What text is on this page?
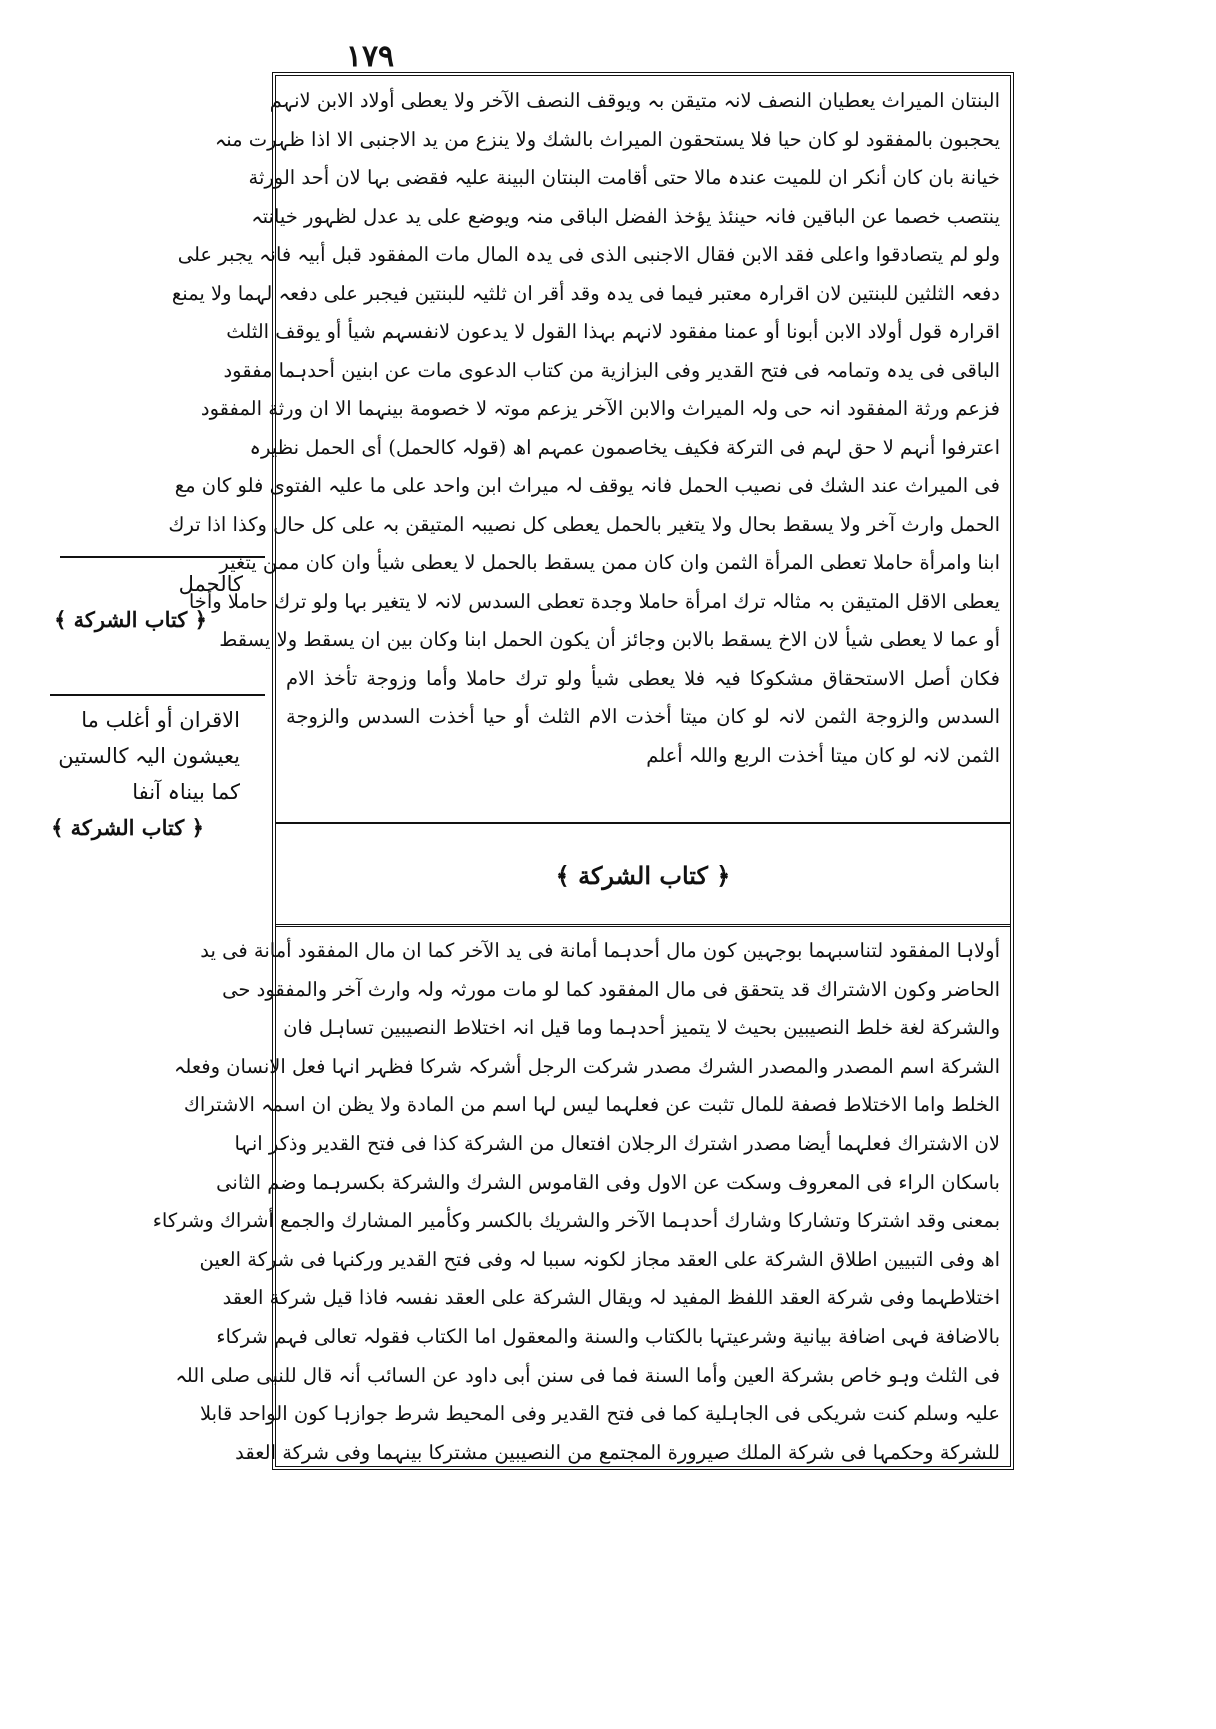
١٧٩
البنتان المیراث یعطیان النصف لانہ متیقن بہ ویوقف النصف الآخر ولا یعطی أولاد الابن لانہم
یحجبون بالمفقود لو کان حیا فلا یستحقون المیراث بالشك ولا ینزع من ید الاجنبی الا اذا ظہرت منہ
خیانة بان کان أنکر ان للمیت عندہ مالا حتی أقامت البنتان البینة علیہ فقضی بہا لان أحد الورثة
ینتصب خصما عن الباقین فانہ حینئذ یؤخذ الفضل الباقی منہ ویوضع علی ید عدل لظہور خیانتہ
ولو لم یتصادقوا واعلی فقد الابن فقال الاجنبی الذی فی یدہ المال مات المفقود قبل أبیہ فانہ یجبر علی
دفعہ الثلثین للبنتین لان اقرارہ معتبر فیما فی یدہ وقد أقر ان ثلثیہ للبنتین فیجبر علی دفعہ لہما ولا یمنع
اقرارہ قول أولاد الابن أبونا أو عمنا مفقود لانہم بہذا القول لا یدعون لانفسہم شیأ أو یوقف الثلث
الباقی فی یدہ وتمامہ فی فتح القدیر وفی البزازیة من کتاب الدعوی مات عن ابنین أحدہما مفقود
فزعم ورثة المفقود انہ حی ولہ المیراث والابن الآخر یزعم موتہ لا خصومة بینہما الا ان ورثة المفقود
اعترفوا أنہم لا حق لہم فی الترکة فکیف یخاصمون عمہم اھ (قولہ کالحمل) أی الحمل نظیرہ
فی المیراث عند الشك فی نصیب الحمل فانہ یوقف لہ میراث ابن واحد علی ما علیہ الفتوی فلو کان مع
الحمل وارث آخر ولا یسقط بحال ولا یتغیر بالحمل یعطی کل نصیبہ المتیقن بہ علی کل حال وکذا اذا ترك
ابنا وامرأة حاملا تعطی المرأة الثمن وان کان ممن یسقط بالحمل لا یعطی شیأ وان کان ممن یتغیر
یعطی الاقل المتیقن بہ مثالہ ترك امرأة حاملا وجدة تعطی السدس لانہ لا یتغیر بہا ولو ترك حاملا وأخا
أو عما لا یعطی شیأ لان الاخ یسقط بالابن وجائز أن یکون الحمل ابنا وکان بین ان یسقط ولا یسقط
فکان أصل الاستحقاق مشکوکا فیہ فلا یعطی شیأ ولو ترك حاملا وأما وزوجة تأخذ الام
السدس والزوجة الثمن لانہ لو کان میتا أخذت الام الثلث أو حیا أخذت السدس والزوجة
الثمن لانہ لو کان میتا أخذت الربع واللہ أعلم
﴿ کتاب الشرکة ﴾
أولاہا المفقود لتناسبہما بوجہین کون مال أحدہما أمانة فی ید الآخر کما ان مال المفقود أمانة فی ید
الحاضر وکون الاشتراك قد یتحقق فی مال المفقود کما لو مات مورثہ ولہ وارث آخر والمفقود حی
والشرکة لغة خلط النصیبین بحیث لا یتمیز أحدہما وما قیل انہ اختلاط النصیبین تساہل فان
الشرکة اسم المصدر والمصدر الشرك مصدر شرکت الرجل أشرکہ شرکا فظہر انہا فعل الانسان وفعلہ
الخلط واما الاختلاط فصفة للمال تثبت عن فعلہما لیس لہا اسم من المادة ولا یظن ان اسمہ الاشتراك
لان الاشتراك فعلہما أیضا مصدر اشترك الرجلان افتعال من الشرکة کذا فی فتح القدیر وذکر انہا
باسکان الراء فی المعروف وسکت عن الاول وفی القاموس الشرك والشرکة بکسرہما وضم الثانی
بمعنی وقد اشترکا وتشارکا وشارك أحدہما الآخر والشریك بالکسر وکأمیر المشارك والجمع أشراك وشرکاء
اھ وفی التبیین اطلاق الشرکة علی العقد مجاز لکونہ سببا لہ وفی فتح القدیر ورکنہا فی شرکة العین
اختلاطہما وفی شرکة العقد اللفظ المفید لہ ویقال الشرکة علی العقد نفسہ فاذا قیل شرکة العقد
بالاضافة فہی اضافة بیانیة وشرعیتہا بالکتاب والسنة والمعقول اما الکتاب فقولہ تعالی فہم شرکاء
فی الثلث وہو خاص بشرکة العین وأما السنة فما فی سنن أبی داود عن السائب أنہ قال للنبی صلی اللہ
علیہ وسلم کنت شریکی فی الجاہلیة کما فی فتح القدیر وفی المحیط شرط جوازہا کون الواحد قابلا
للشرکة وحکمہا فی شرکة الملك صیرورة المجتمع من النصیبین مشترکا بینہما وفی شرکة العقد
کالحمل
﴿ کتاب الشرکة ﴾
الاقران أو أغلب ما
یعیشون الیہ کالستین
کما بیناہ آنفا
﴿ کتاب الشرکة ﴾
